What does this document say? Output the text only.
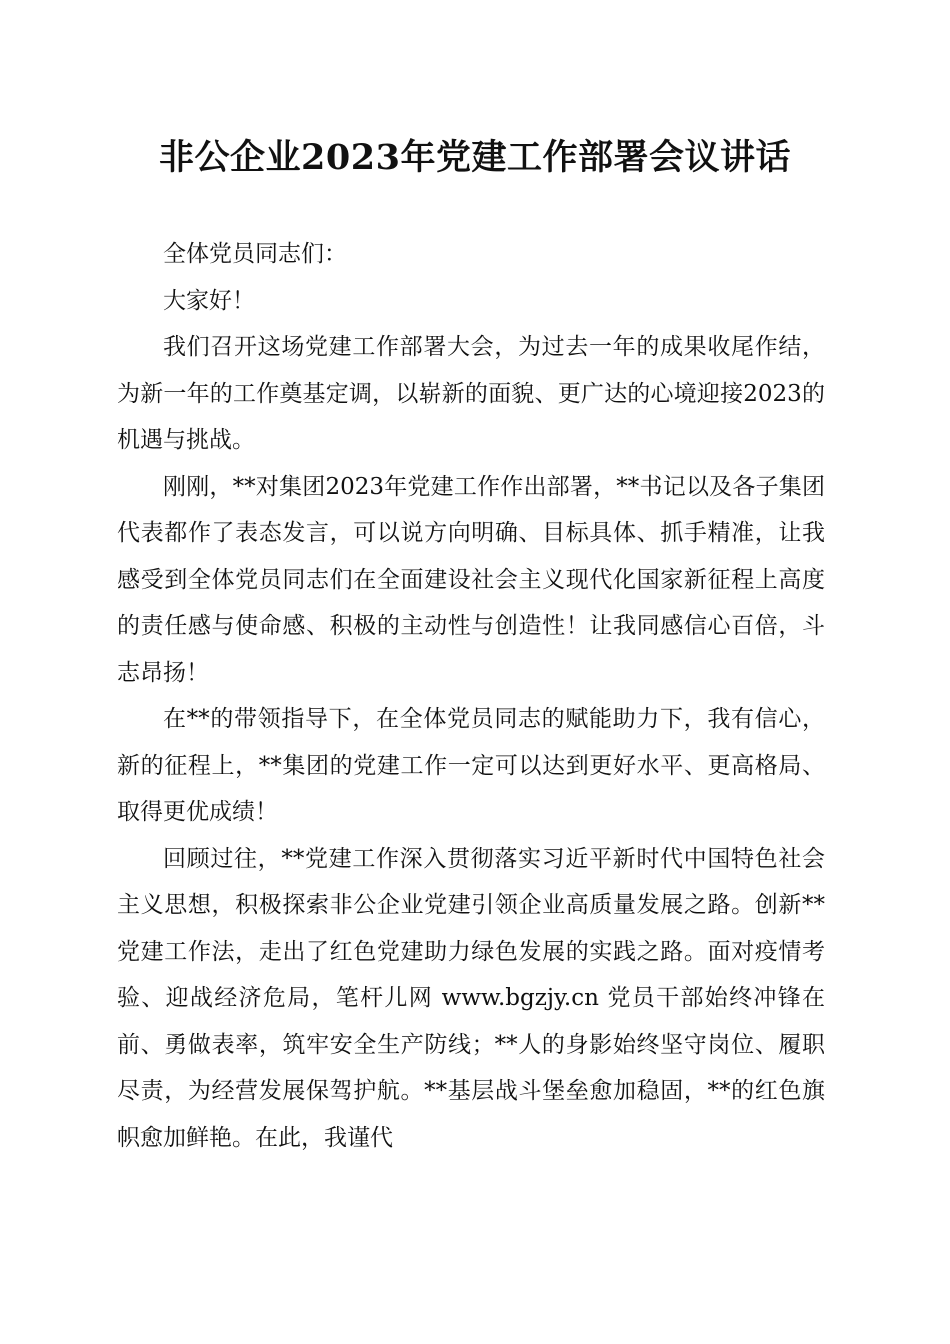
非公企业2023年党建工作部署会议讲话

全体党员同志们：

大家好！

我们召开这场党建工作部署大会，为过去一年的成果收尾作结，为新一年的工作奠基定调，以崭新的面貌、更广达的心境迎接2023的机遇与挑战。

刚刚，**对集团2023年党建工作作出部署，**书记以及各子集团代表都作了表态发言，可以说方向明确、目标具体、抓手精准，让我感受到全体党员同志们在全面建设社会主义现代化国家新征程上高度的责任感与使命感、积极的主动性与创造性！让我同感信心百倍，斗志昂扬！

在**的带领指导下，在全体党员同志的赋能助力下，我有信心，新的征程上，**集团的党建工作一定可以达到更好水平、更高格局、取得更优成绩！

回顾过往，**党建工作深入贯彻落实习近平新时代中国特色社会主义思想，积极探索非公企业党建引领企业高质量发展之路。创新**党建工作法，走出了红色党建助力绿色发展的实践之路。面对疫情考验、迎战经济危局，笔杆儿网 www.bgzjy.cn 党员干部始终冲锋在前、勇做表率，筑牢安全生产防线；**人的身影始终坚守岗位、履职尽责，为经营发展保驾护航。**基层战斗堡垒愈加稳固，**的红色旗帜愈加鲜艳。在此，我谨代
